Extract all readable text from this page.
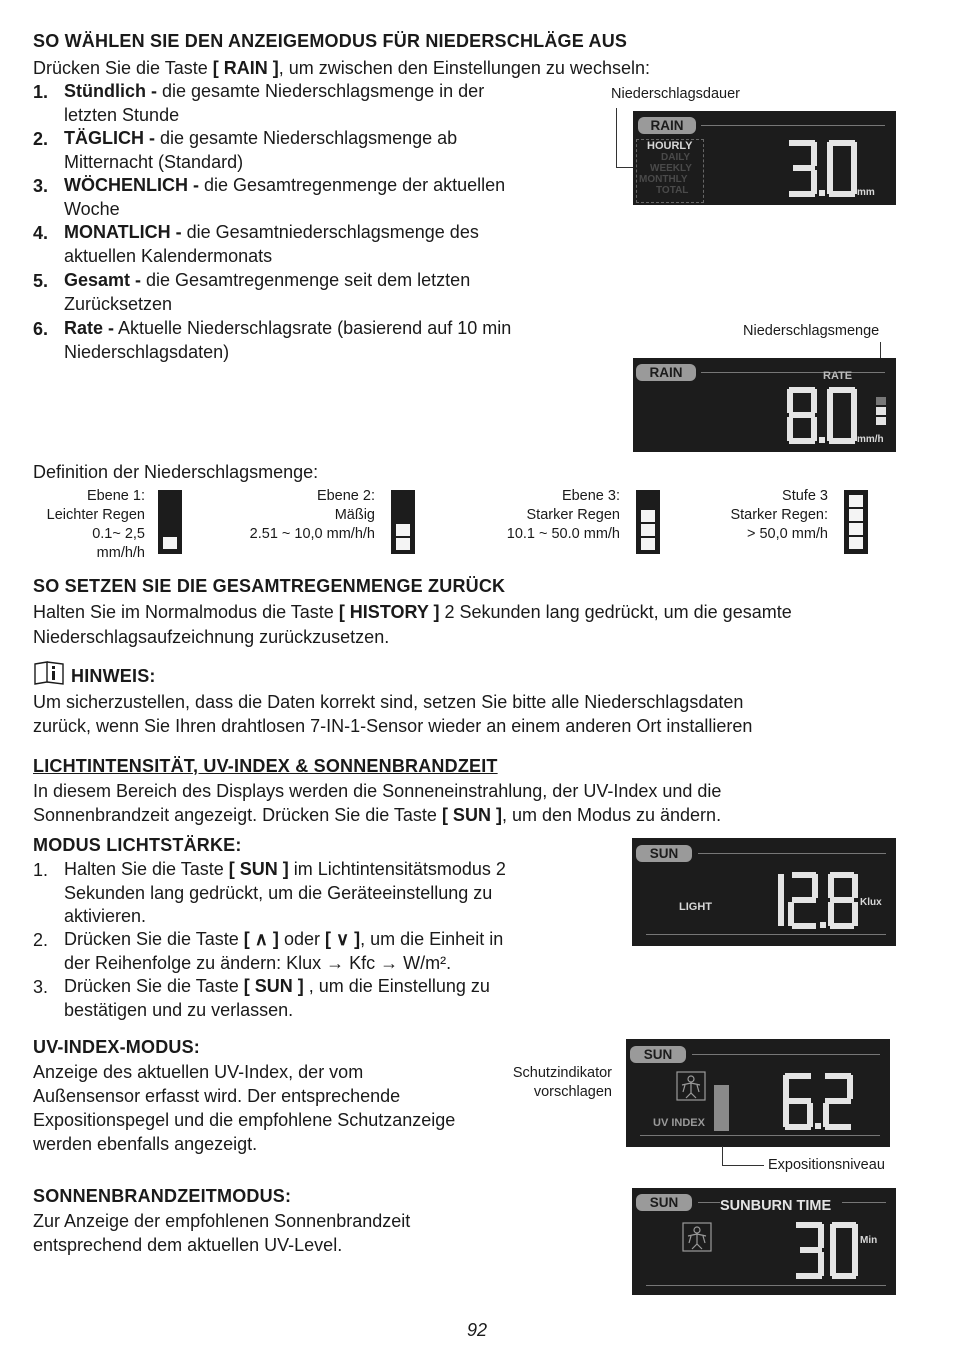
SO WÄHLEN SIE DEN ANZEIGEMODUS FÜR NIEDERSCHLÄGE AUS
Drücken Sie die Taste [ RAIN ], um zwischen den Einstellungen zu wechseln:
1. Stündlich - die gesamte Niederschlagsmenge in der
letzten Stunde
2. TÄGLICH - die gesamte Niederschlagsmenge ab
Mitternacht (Standard)
3. WÖCHENLICH - die Gesamtregenmenge der aktuellen
Woche
4. MONATLICH - die Gesamtniederschlagsmenge des
aktuellen Kalendermonats
5. Gesamt - die Gesamtregenmenge seit dem letzten
Zurücksetzen
6. Rate - Aktuelle Niederschlagsrate (basierend auf 10 min
Niederschlagsdaten)
Niederschlagsdauer
RAIN
HOURLY
DAILY
WEEKLY
MONTHLY
TOTAL	mm
Niederschlagsmenge
RAIN	RATE
mm/h
Definition der Niederschlagsmenge:
Ebene 1:
Leichter Regen
0.1~ 2,5
mm/h/h
Ebene 2:
Mäßig
2.51 ~ 10,0 mm/h/h
Ebene 3:
Starker Regen
10.1 ~ 50.0 mm/h
Stufe 3
Starker Regen:
> 50,0 mm/h
SO SETZEN SIE DIE GESAMTREGENMENGE ZURÜCK
Halten Sie im Normalmodus die Taste [ HISTORY ] 2 Sekunden lang gedrückt, um die gesamte
Niederschlagsaufzeichnung zurückzusetzen.
HINWEIS:
Um sicherzustellen, dass die Daten korrekt sind, setzen Sie bitte alle Niederschlagsdaten
zurück, wenn Sie Ihren drahtlosen 7-IN-1-Sensor wieder an einem anderen Ort installieren
LICHTINTENSITÄT, UV-INDEX & SONNENBRANDZEIT
In diesem Bereich des Displays werden die Sonneneinstrahlung, der UV-Index und die
Sonnenbrandzeit angezeigt. Drücken Sie die Taste [ SUN ], um den Modus zu ändern.
MODUS LICHTSTÄRKE:
1. Halten Sie die Taste [ SUN ] im Lichtintensitätsmodus 2
Sekunden lang gedrückt, um die Geräteeinstellung zu
aktivieren.
2. Drücken Sie die Taste [ ∧ ] oder [ ∨ ], um die Einheit in
der Reihenfolge zu ändern: Klux → Kfc → W/m².
3. Drücken Sie die Taste [ SUN ] , um die Einstellung zu
bestätigen und zu verlassen.
SUN
LIGHT	Klux
UV-INDEX-MODUS:
Anzeige des aktuellen UV-Index, der vom
Außensensor erfasst wird. Der entsprechende
Expositionspegel und die empfohlene Schutzanzeige
werden ebenfalls angezeigt.
Schutzindikator
vorschlagen
SUN
UV INDEX
Expositionsniveau
SONNENBRANDZEITMODUS:
Zur Anzeige der empfohlenen Sonnenbrandzeit
entsprechend dem aktuellen UV-Level.
SUN	SUNBURN TIME
Min
92
